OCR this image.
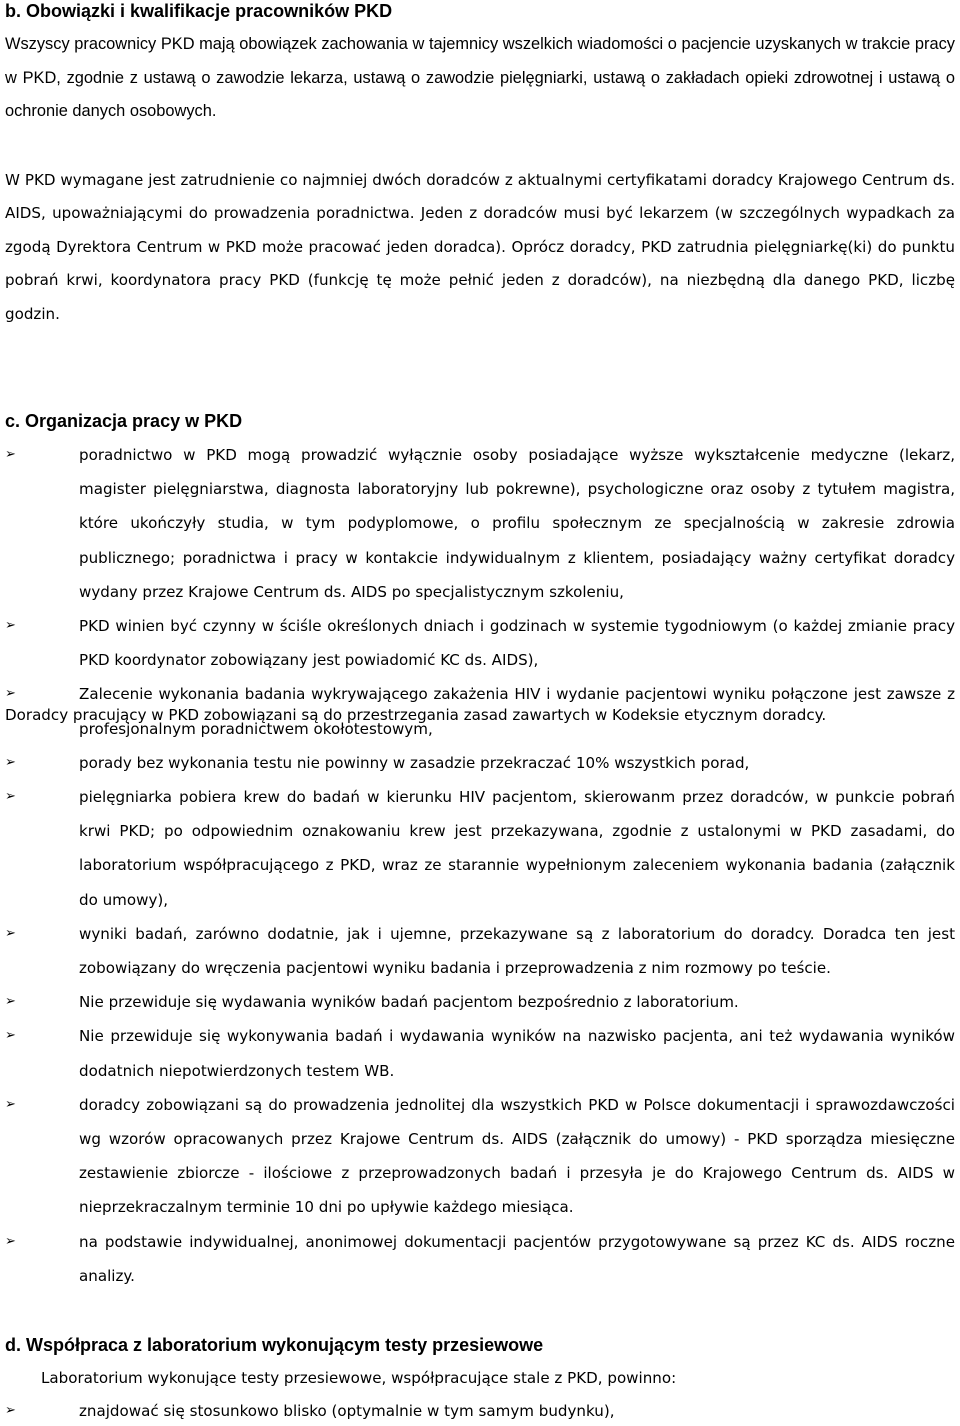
b. Obowiązki i kwalifikacje pracowników PKD

Wszyscy pracownicy PKD mają obowiązek zachowania w tajemnicy wszelkich wiadomości o pacjencie uzyskanych w trakcie pracy w PKD, zgodnie z ustawą o zawodzie lekarza, ustawą o zawodzie pielęgniarki, ustawą o zakładach opieki zdrowotnej i ustawą o ochronie danych osobowych.

W PKD wymagane jest zatrudnienie co najmniej dwóch doradców z aktualnymi certyfikatami doradcy Krajowego Centrum ds. AIDS, upoważniającymi do prowadzenia poradnictwa. Jeden z doradców musi być lekarzem (w szczególnych wypadkach za zgodą Dyrektora Centrum w PKD może pracować jeden doradca). Oprócz doradcy, PKD zatrudnia pielęgniarkę(ki) do punktu pobrań krwi, koordynatora pracy PKD (funkcję tę może pełnić jeden z doradców), na niezbędną dla danego PKD, liczbę godzin.

Doradcy pracujący w PKD zobowiązani są do przestrzegania zasad zawartych w Kodeksie etycznym doradcy.

c. Organizacja pracy w PKD
➢	poradnictwo w PKD mogą prowadzić wyłącznie osoby posiadające wyższe wykształcenie medyczne (lekarz, magister pielęgniarstwa, diagnosta laboratoryjny lub pokrewne), psychologiczne oraz osoby z tytułem magistra, które ukończyły studia, w tym podyplomowe, o profilu społecznym ze specjalnością w zakresie zdrowia publicznego; poradnictwa i pracy w kontakcie indywidualnym z klientem, posiadający ważny certyfikat doradcy wydany przez Krajowe Centrum ds. AIDS po specjalistycznym szkoleniu,
➢	PKD winien być czynny w ściśle określonych dniach i godzinach w systemie tygodniowym (o każdej zmianie pracy PKD koordynator zobowiązany jest powiadomić KC ds. AIDS),
➢	Zalecenie wykonania badania wykrywającego zakażenia HIV i wydanie pacjentowi wyniku połączone jest zawsze z profesjonalnym poradnictwem okołotestowym,
➢	porady bez wykonania testu nie powinny w zasadzie przekraczać 10% wszystkich porad,
➢	pielęgniarka pobiera krew do badań w kierunku HIV pacjentom, skierowanm przez doradców, w punkcie pobrań krwi PKD; po odpowiednim oznakowaniu krew jest przekazywana, zgodnie z ustalonymi w PKD zasadami, do laboratorium współpracującego z PKD, wraz ze starannie wypełnionym zaleceniem wykonania badania (załącznik do umowy),
➢	wyniki badań, zarówno dodatnie, jak i ujemne, przekazywane są z laboratorium do doradcy. Doradca ten jest zobowiązany do wręczenia pacjentowi wyniku badania i przeprowadzenia z nim rozmowy po teście.
➢	Nie przewiduje się wydawania wyników badań pacjentom bezpośrednio z laboratorium.
➢	Nie przewiduje się wykonywania badań i wydawania wyników na nazwisko pacjenta, ani też wydawania wyników dodatnich niepotwierdzonych testem WB.
➢	doradcy zobowiązani są do prowadzenia jednolitej dla wszystkich PKD w Polsce dokumentacji i sprawozdawczości wg wzorów opracowanych przez Krajowe Centrum ds. AIDS (załącznik do umowy) - PKD sporządza miesięczne zestawienie zbiorcze - ilościowe z przeprowadzonych badań i przesyła je do Krajowego Centrum ds. AIDS w nieprzekraczalnym terminie 10 dni po upływie każdego miesiąca.
➢	na podstawie indywidualnej, anonimowej dokumentacji pacjentów przygotowywane są przez KC ds. AIDS roczne analizy.
d. Współpraca z laboratorium wykonującym testy przesiewowe
Laboratorium wykonujące testy przesiewowe, współpracujące stale z PKD, powinno:
➢	znajdować się stosunkowo blisko (optymalnie w tym samym budynku),
